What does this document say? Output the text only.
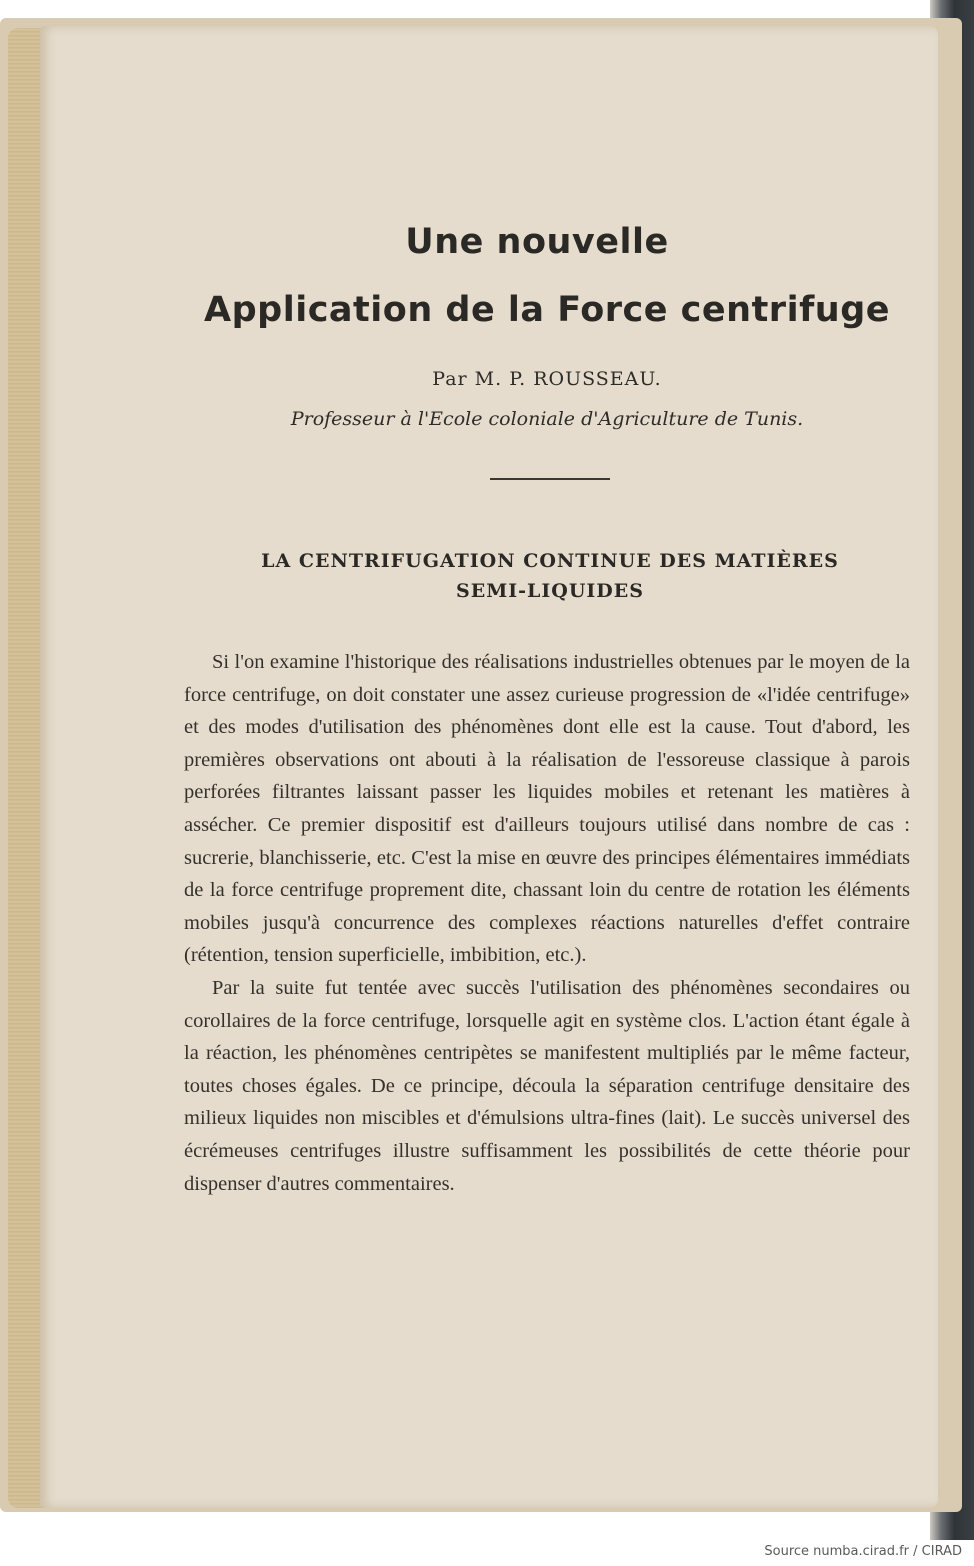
Une nouvelle
Application de la Force centrifuge
Par M. P. ROUSSEAU.
Professeur à l'Ecole coloniale d'Agriculture de Tunis.
LA CENTRIFUGATION CONTINUE DES MATIÈRES
SEMI-LIQUIDES

Si l'on examine l'historique des réalisations industrielles obtenues par le moyen de la force centrifuge, on doit constater une assez curieuse progression de «l'idée centrifuge» et des modes d'utilisation des phénomènes dont elle est la cause. Tout d'abord, les premières observations ont abouti à la réalisation de l'essoreuse classique à parois perforées filtrantes laissant passer les liquides mobiles et retenant les matières à assécher. Ce premier dispositif est d'ailleurs toujours utilisé dans nombre de cas : sucrerie, blanchisserie, etc. C'est la mise en œuvre des principes élémentaires immédiats de la force centrifuge proprement dite, chassant loin du centre de rotation les éléments mobiles jusqu'à concurrence des complexes réactions naturelles d'effet contraire (rétention, tension superficielle, imbibition, etc.).

Par la suite fut tentée avec succès l'utilisation des phénomènes secondaires ou corollaires de la force centrifuge, lorsquelle agit en système clos. L'action étant égale à la réaction, les phénomènes centripètes se manifestent multipliés par le même facteur, toutes choses égales. De ce principe, découla la séparation centrifuge densitaire des milieux liquides non miscibles et d'émulsions ultra-fines (lait). Le succès universel des écrémeuses centrifuges illustre suffisamment les possibilités de cette théorie pour dispenser d'autres commentaires.

Source numba.cirad.fr / CIRAD
